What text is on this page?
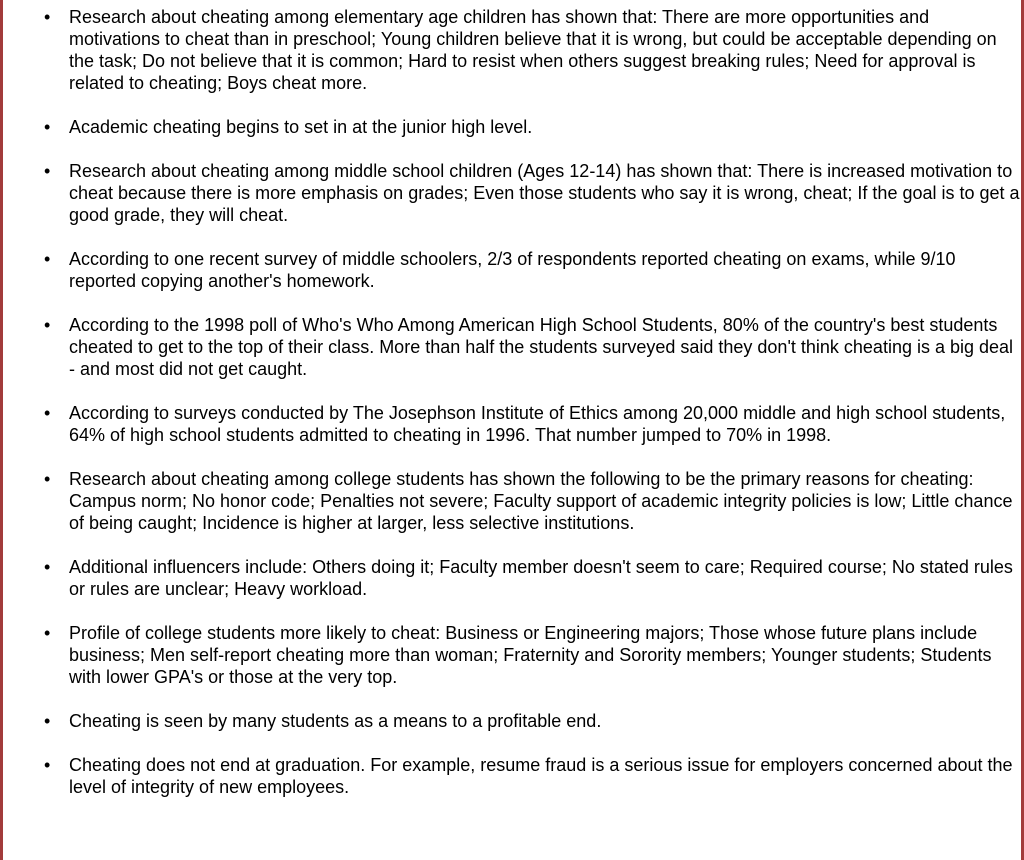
• Research about cheating among elementary age children has shown that: There are more opportunities and motivations to cheat than in preschool; Young children believe that it is wrong, but could be acceptable depending on the task; Do not believe that it is common; Hard to resist when others suggest breaking rules; Need for approval is related to cheating; Boys cheat more.
• Academic cheating begins to set in at the junior high level.
• Research about cheating among middle school children (Ages 12-14) has shown that: There is increased motivation to cheat because there is more emphasis on grades; Even those students who say it is wrong, cheat; If the goal is to get a good grade, they will cheat.
• According to one recent survey of middle schoolers, 2/3 of respondents reported cheating on exams, while 9/10 reported copying another's homework.
• According to the 1998 poll of Who's Who Among American High School Students, 80% of the country's best students cheated to get to the top of their class. More than half the students surveyed said they don't think cheating is a big deal - and most did not get caught.
• According to surveys conducted by The Josephson Institute of Ethics among 20,000 middle and high school students, 64% of high school students admitted to cheating in 1996. That number jumped to 70% in 1998.
• Research about cheating among college students has shown the following to be the primary reasons for cheating: Campus norm; No honor code; Penalties not severe; Faculty support of academic integrity policies is low; Little chance of being caught; Incidence is higher at larger, less selective institutions.
• Additional influencers include: Others doing it; Faculty member doesn't seem to care; Required course; No stated rules or rules are unclear; Heavy workload.
• Profile of college students more likely to cheat: Business or Engineering majors; Those whose future plans include business; Men self-report cheating more than woman; Fraternity and Sorority members; Younger students; Students with lower GPA's or those at the very top.
• Cheating is seen by many students as a means to a profitable end.
• Cheating does not end at graduation. For example, resume fraud is a serious issue for employers concerned about the level of integrity of new employees.
